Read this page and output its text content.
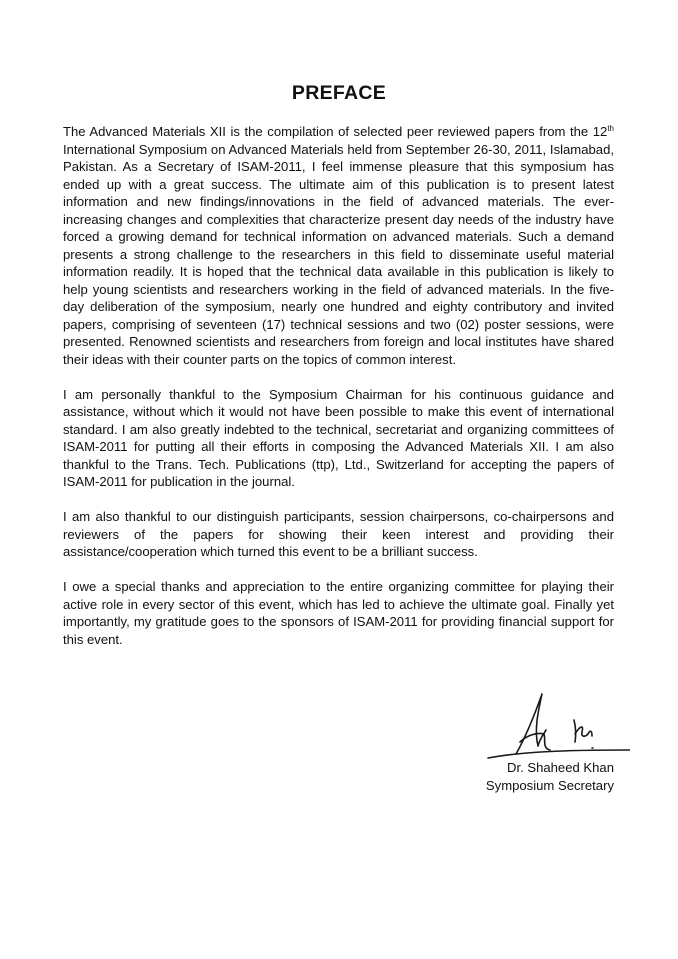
PREFACE

The Advanced Materials XII is the compilation of selected peer reviewed papers from the 12th International Symposium on Advanced Materials held from September 26-30, 2011, Islamabad, Pakistan. As a Secretary of ISAM-2011, I feel immense pleasure that this symposium has ended up with a great success. The ultimate aim of this publication is to present latest information and new findings/innovations in the field of advanced materials. The ever-increasing changes and complexities that characterize present day needs of the industry have forced a growing demand for technical information on advanced materials. Such a demand presents a strong challenge to the researchers in this field to disseminate useful material information readily. It is hoped that the technical data available in this publication is likely to help young scientists and researchers working in the field of advanced materials. In the five-day deliberation of the symposium, nearly one hundred and eighty contributory and invited papers, comprising of seventeen (17) technical sessions and two (02) poster sessions, were presented. Renowned scientists and researchers from foreign and local institutes have shared their ideas with their counter parts on the topics of common interest.

I am personally thankful to the Symposium Chairman for his continuous guidance and assistance, without which it would not have been possible to make this event of international standard. I am also greatly indebted to the technical, secretariat and organizing committees of ISAM-2011 for putting all their efforts in composing the Advanced Materials XII. I am also thankful to the Trans. Tech. Publications (ttp), Ltd., Switzerland for accepting the papers of ISAM-2011 for publication in the journal.

I am also thankful to our distinguish participants, session chairpersons, co-chairpersons and reviewers of the papers for showing their keen interest and providing their assistance/cooperation which turned this event to be a brilliant success.

I owe a special thanks and appreciation to the entire organizing committee for playing their active role in every sector of this event, which has led to achieve the ultimate goal. Finally yet importantly, my gratitude goes to the sponsors of ISAM-2011 for providing financial support for this event.

Dr. Shaheed Khan
Symposium Secretary
